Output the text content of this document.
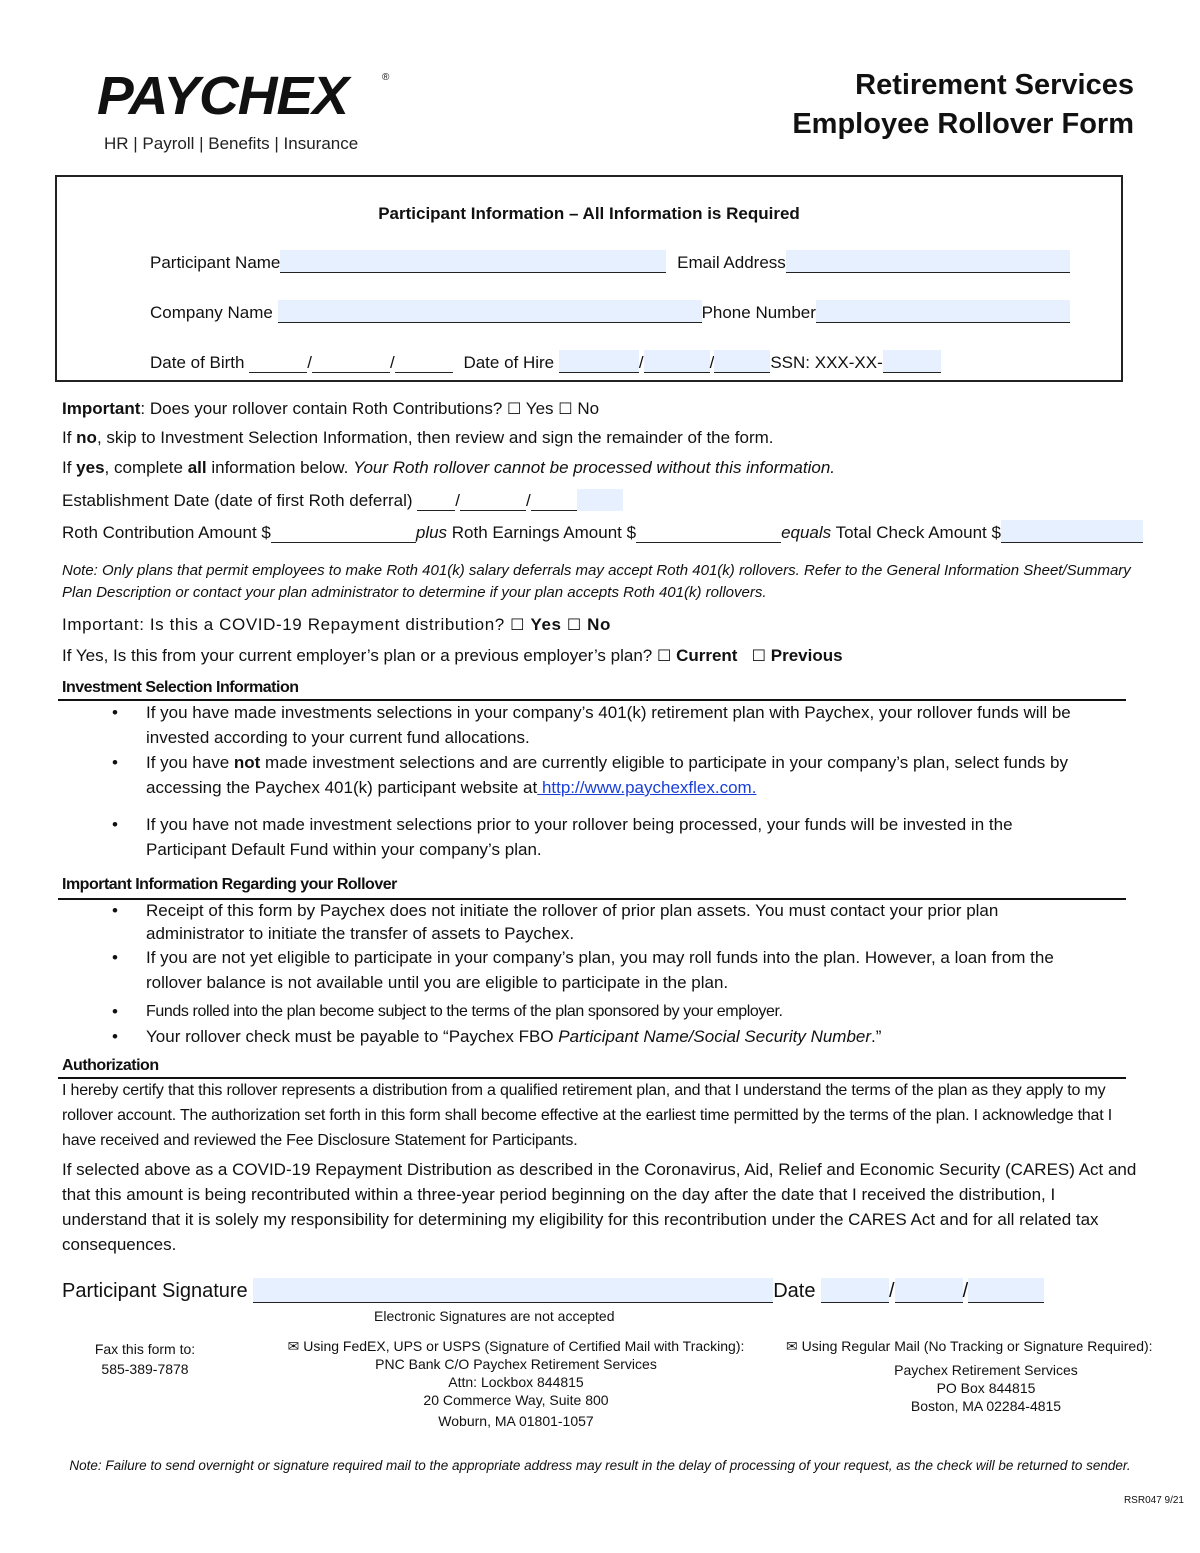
PAYCHEX	®
HR | Payroll | Benefits | Insurance
Retirement Services
Employee Rollover Form
Participant Information – All Information is Required
Participant Name	Email Address
Company Name	Phone Number
Date of Birth	/	/	Date of Hire	/	/	SSN: XXX-XX-
Important: Does your rollover contain Roth Contributions? ☐ Yes ☐ No
If no, skip to Investment Selection Information, then review and sign the remainder of the form.
If yes, complete all information below. Your Roth rollover cannot be processed without this information.
Establishment Date (date of first Roth deferral)	/	/
Roth Contribution Amount $	plus Roth Earnings Amount $	equals Total Check Amount $
Note: Only plans that permit employees to make Roth 401(k) salary deferrals may accept Roth 401(k) rollovers. Refer to the General Information Sheet/Summary Plan Description or contact your plan administrator to determine if your plan accepts Roth 401(k) rollovers.
Important: Is this a COVID-19 Repayment distribution? ☐ Yes ☐ No
If Yes, Is this from your current employer’s plan or a previous employer’s plan? ☐ Current ☐ Previous
Investment Selection Information
• If you have made investments selections in your company’s 401(k) retirement plan with Paychex, your rollover funds will be invested according to your current fund allocations.
• If you have not made investment selections and are currently eligible to participate in your company’s plan, select funds by accessing the Paychex 401(k) participant website at http://www.paychexflex.com.
• If you have not made investment selections prior to your rollover being processed, your funds will be invested in the Participant Default Fund within your company’s plan.
Important Information Regarding your Rollover
• Receipt of this form by Paychex does not initiate the rollover of prior plan assets. You must contact your prior plan administrator to initiate the transfer of assets to Paychex.
• If you are not yet eligible to participate in your company’s plan, you may roll funds into the plan. However, a loan from the rollover balance is not available until you are eligible to participate in the plan.
• Funds rolled into the plan become subject to the terms of the plan sponsored by your employer.
• Your rollover check must be payable to “Paychex FBO Participant Name/Social Security Number.”
Authorization
I hereby certify that this rollover represents a distribution from a qualified retirement plan, and that I understand the terms of the plan as they apply to my rollover account. The authorization set forth in this form shall become effective at the earliest time permitted by the terms of the plan. I acknowledge that I have received and reviewed the Fee Disclosure Statement for Participants.
If selected above as a COVID-19 Repayment Distribution as described in the Coronavirus, Aid, Relief and Economic Security (CARES) Act and that this amount is being recontributed within a three-year period beginning on the day after the date that I received the distribution, I understand that it is solely my responsibility for determining my eligibility for this recontribution under the CARES Act and for all related tax consequences.
Participant Signature	Date	/	/
Electronic Signatures are not accepted
Fax this form to:
585-389-7878
✉ Using FedEX, UPS or USPS (Signature of Certified Mail with Tracking):
PNC Bank C/O Paychex Retirement Services
Attn: Lockbox 844815
20 Commerce Way, Suite 800
Woburn, MA 01801-1057
✉ Using Regular Mail (No Tracking or Signature Required):
Paychex Retirement Services
PO Box 844815
Boston, MA 02284-4815
Note: Failure to send overnight or signature required mail to the appropriate address may result in the delay of processing of your request, as the check will be returned to sender.
RSR047 9/21
